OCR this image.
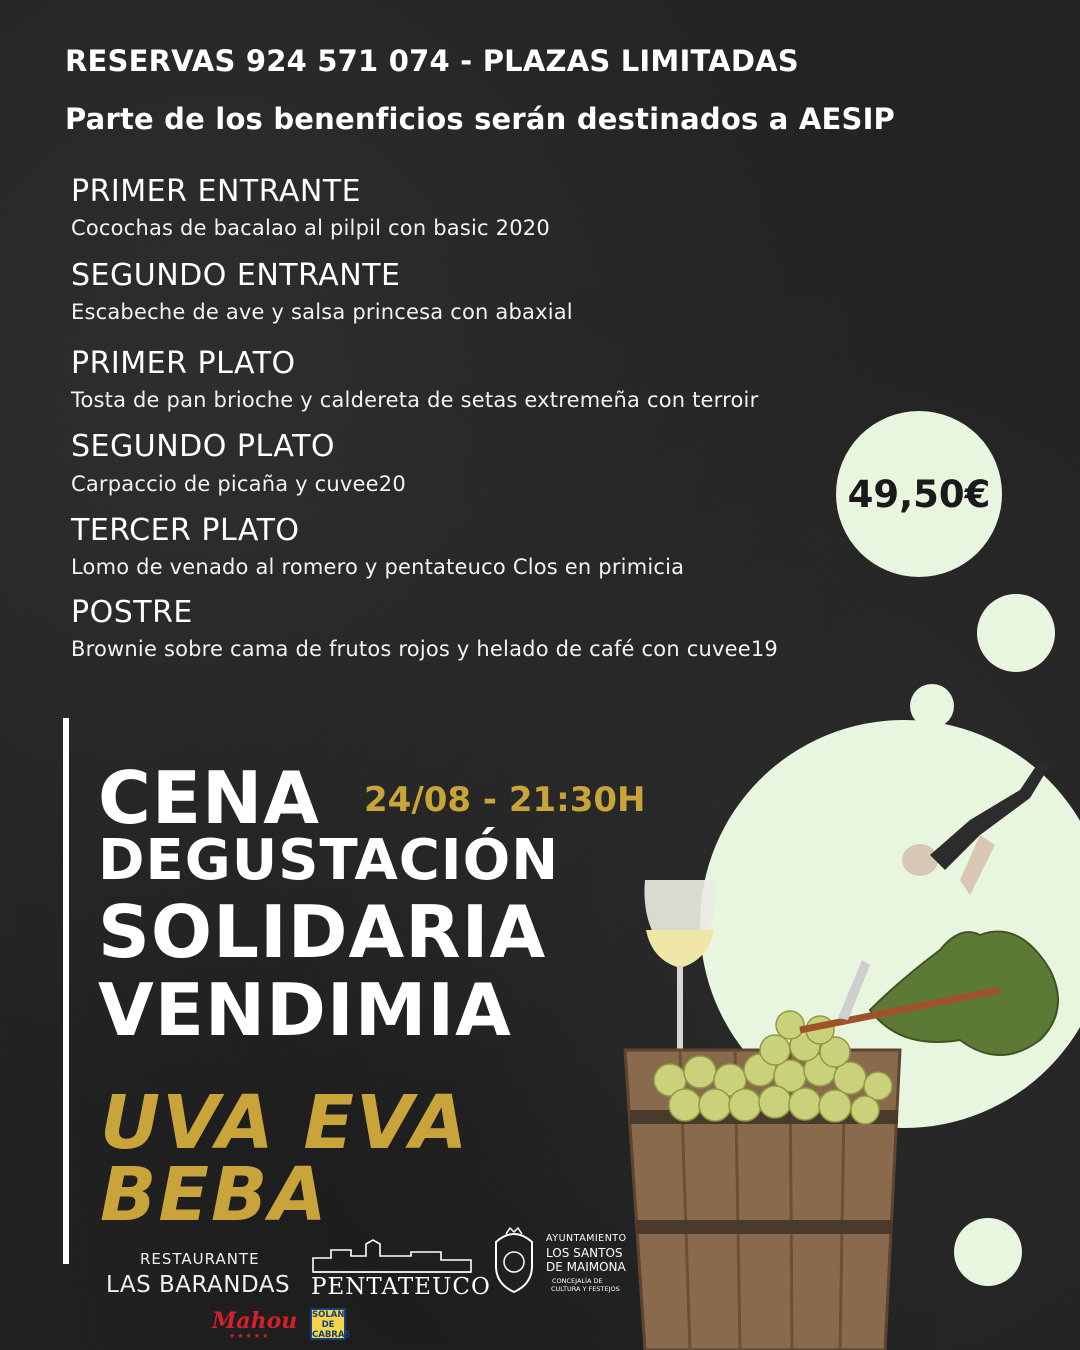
RESERVAS 924 571 074 - PLAZAS LIMITADAS
Parte de los benenficios serán destinados a AESIP
PRIMER ENTRANTE
Cocochas de bacalao al pilpil con basic 2020
SEGUNDO ENTRANTE
Escabeche de ave y salsa princesa con abaxial
PRIMER PLATO
Tosta de pan brioche y caldereta de setas extremeña con terroir
SEGUNDO PLATO
Carpaccio de picaña y cuvee20
TERCER PLATO
Lomo de venado al romero y pentateuco Clos en primicia
POSTRE
Brownie sobre cama de frutos rojos y helado de café con cuvee19
49,50€
CENA 24/08 - 21:30H
DEGUSTACIÓN
SOLIDARIA
VENDIMIA
UVA EVA
BEBA
RESTAURANTE
LAS BARANDAS PENTATEUCO
AYUNTAMIENTO
LOS SANTOS
DE MAIMONA
CONCEJALÍA DE
CULTURA Y FESTEJOS
Mahou
★★★★★
SOLAN DE CABRAS
